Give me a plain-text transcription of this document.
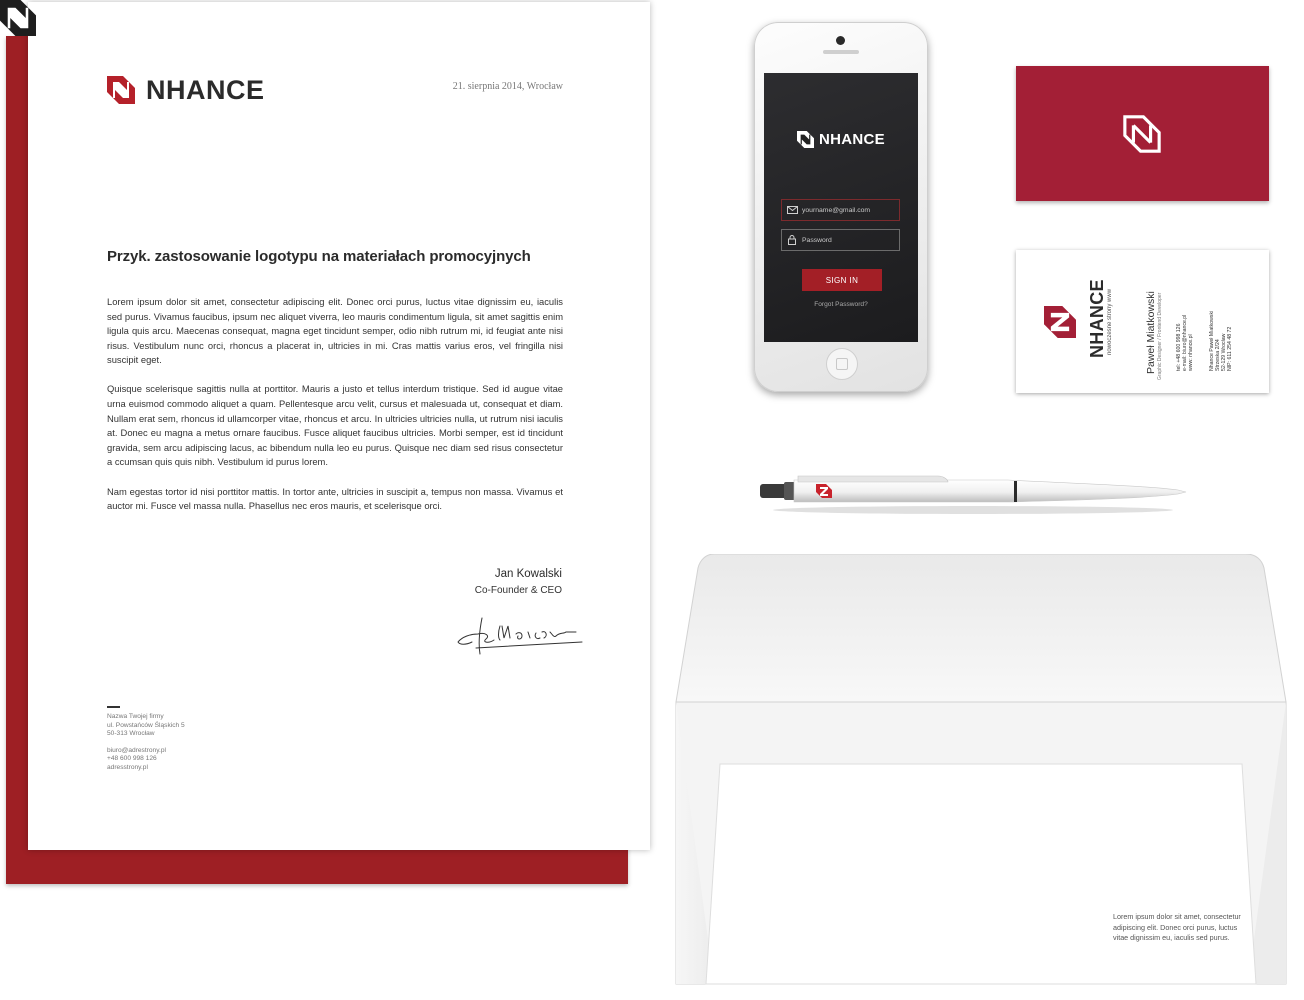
NHANCE	21. sierpnia 2014, Wrocław
Przyk. zastosowanie logotypu na materiałach promocyjnych

Lorem ipsum dolor sit amet, consectetur adipiscing elit. Donec orci purus, luctus vitae dignissim eu, iaculis sed purus. Vivamus faucibus, ipsum nec aliquet viverra, leo mauris condimentum ligula, sit amet sagittis enim ligula quis arcu. Maecenas consequat, magna eget tincidunt semper, odio nibh rutrum mi, id feugiat ante nisi risus. Vestibulum nunc orci, rhoncus a placerat in, ultricies in mi. Cras mattis varius eros, vel fringilla nisi suscipit eget.

Quisque scelerisque sagittis nulla at porttitor. Mauris a justo et tellus interdum tristique. Sed id augue vitae urna euismod commodo aliquet a quam. Pellentesque arcu velit, cursus et malesuada ut, consequat et diam. Nullam erat sem, rhoncus id ullamcorper vitae, rhoncus et arcu. In ultricies ultricies nulla, ut rutrum nisi iaculis at. Donec eu magna a metus ornare faucibus. Fusce aliquet faucibus ultricies. Morbi semper, est id tincidunt gravida, sem arcu adipiscing lacus, ac bibendum nulla leo eu purus. Quisque nec diam sed risus consectetur a ccumsan quis quis nibh. Vestibulum id purus lorem.

Nam egestas tortor id nisi porttitor mattis. In tortor ante, ultricies in suscipit a, tempus non massa. Vivamus et auctor mi. Fusce vel massa nulla. Phasellus nec eros mauris, et scelerisque orci.

Jan Kowalski
Co-Founder & CEO
Nazwa Twojej firmy
ul. Powstańców Śląskich 5
50-313 Wrocław
biuro@adrestrony.pl
+48 600 998 126
adresstrony.pl
NHANCE
yourname@gmail.com
Password
SIGN IN
Forgot Password?	NHANCE nowoczesne strony www	Paweł Miatkowski Graphic Designer / Frontend Developer	tel: +48 600 998 126 e-mail: biuro@nhance.pl www: nhance.pl	Nhance Paweł Miatkowski Strzeska 2/24 52-129 Wrocław NIP: 611 254 48 72
Lorem ipsum dolor sit amet, consectetur adipiscing elit. Donec orci purus, luctus vitae dignissim eu, iaculis sed purus.
